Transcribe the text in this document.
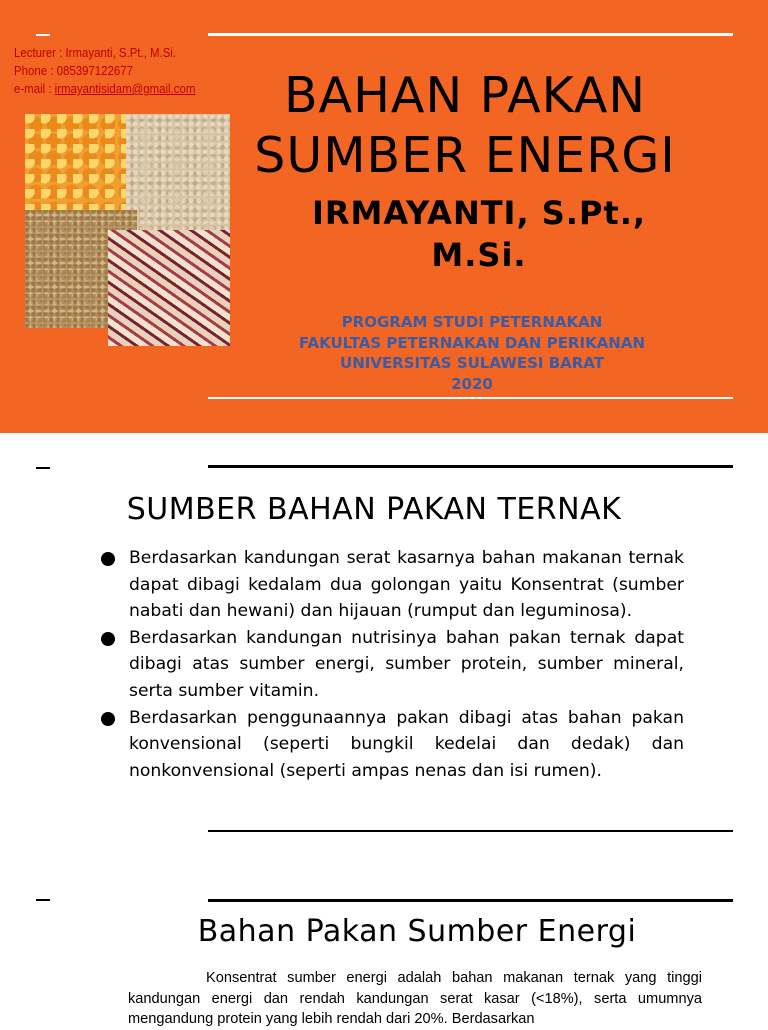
Lecturer : Irmayanti, S.Pt., M.Si.
Phone : 085397122677
e-mail : irmayantisidam@gmail.com	BAHAN PAKAN
SUMBER ENERGI
IRMAYANTI, S.Pt.,
M.Si.
PROGRAM STUDI PETERNAKAN
FAKULTAS PETERNAKAN DAN PERIKANAN
UNIVERSITAS SULAWESI BARAT
2020
SUMBER BAHAN PAKAN TERNAK
Berdasarkan kandungan serat kasarnya bahan makanan ternak dapat dibagi kedalam dua golongan yaitu Konsentrat (sumber nabati dan hewani) dan hijauan (rumput dan leguminosa).
Berdasarkan kandungan nutrisinya bahan pakan ternak dapat dibagi atas sumber energi, sumber protein, sumber mineral, serta sumber vitamin.
Berdasarkan penggunaannya pakan dibagi atas bahan pakan konvensional (seperti bungkil kedelai dan dedak) dan nonkonvensional (seperti ampas nenas dan isi rumen).
Bahan Pakan Sumber Energi

Konsentrat sumber energi adalah bahan makanan ternak yang tinggi kandungan energi dan rendah kandungan serat kasar (<18%), serta umumnya mengandung protein yang lebih rendah dari 20%. Berdasarkan
